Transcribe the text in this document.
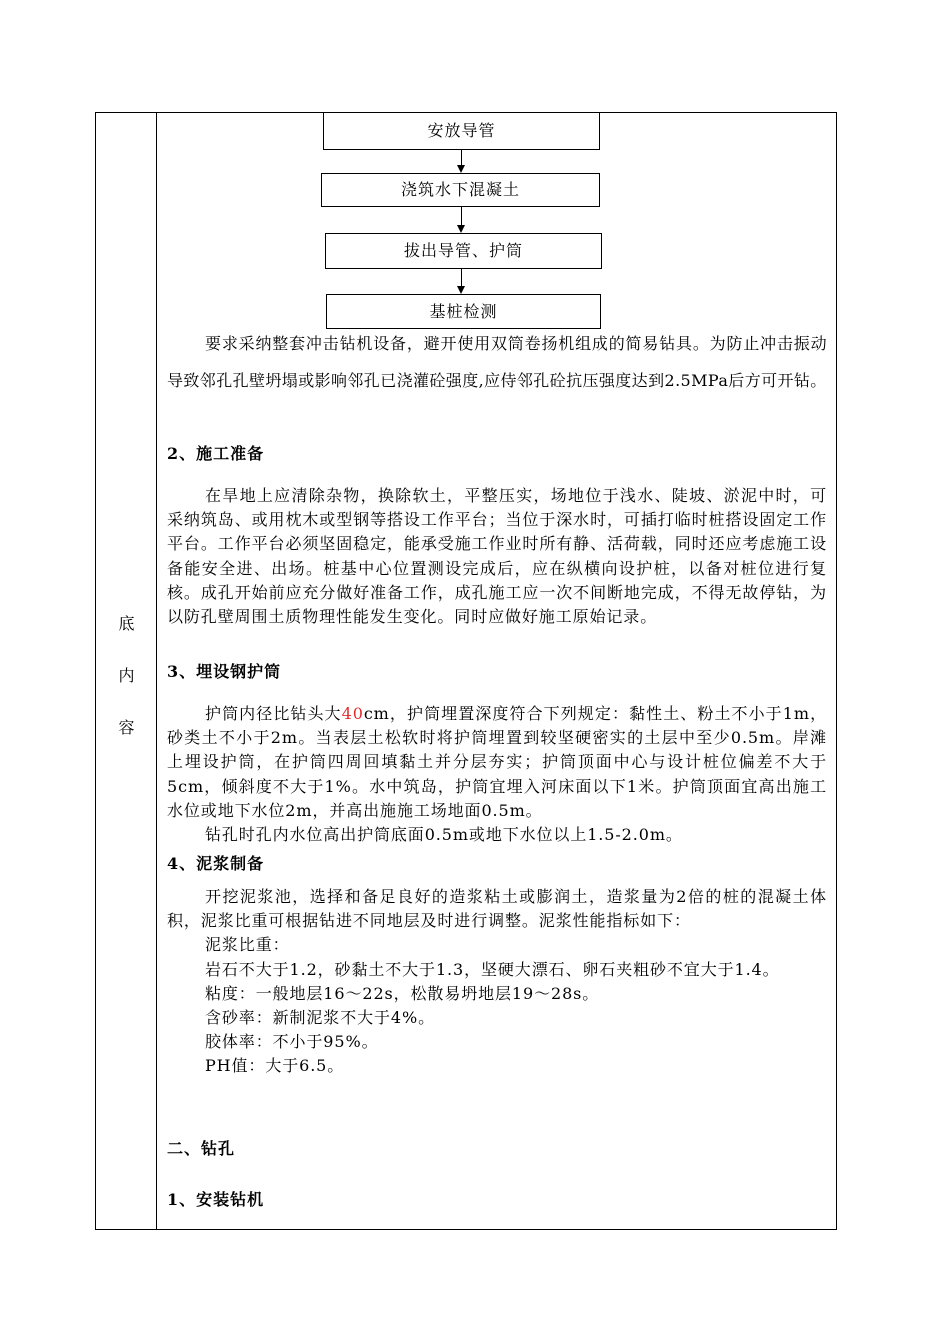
底
内
容
安放导管
浇筑水下混凝土
拔出导管、护筒
基桩检测

要求采纳整套冲击钻机设备，避开使用双筒卷扬机组成的简易钻具。为防止冲击振动导致邻孔孔壁坍塌或影响邻孔已浇灌砼强度,应侍邻孔砼抗压强度达到2.5MPa后方可开钻。

2、施工准备

在旱地上应清除杂物，换除软土，平整压实，场地位于浅水、陡坡、淤泥中时，可采纳筑岛、或用枕木或型钢等搭设工作平台；当位于深水时，可插打临时桩搭设固定工作平台。工作平台必须坚固稳定，能承受施工作业时所有静、活荷载，同时还应考虑施工设备能安全进、出场。桩基中心位置测设完成后，应在纵横向设护桩，以备对桩位进行复核。成孔开始前应充分做好准备工作，成孔施工应一次不间断地完成，不得无故停钻，为以防孔壁周围土质物理性能发生变化。同时应做好施工原始记录。

3、埋设钢护筒

护筒内径比钻头大40cm，护筒埋置深度符合下列规定：黏性土、粉土不小于1m，砂类土不小于2m。当表层土松软时将护筒埋置到较坚硬密实的土层中至少0.5m。岸滩上埋设护筒，在护筒四周回填黏土并分层夯实；护筒顶面中心与设计桩位偏差不大于5cm，倾斜度不大于1%。水中筑岛，护筒宜埋入河床面以下1米。护筒顶面宜高出施工水位或地下水位2m，并高出施施工场地面0.5m。

钻孔时孔内水位高出护筒底面0.5m或地下水位以上1.5-2.0m。

4、泥浆制备

开挖泥浆池，选择和备足良好的造浆粘土或膨润土，造浆量为2倍的桩的混凝土体积，泥浆比重可根据钻进不同地层及时进行调整。泥浆性能指标如下：

泥浆比重：

岩石不大于1.2，砂黏土不大于1.3，坚硬大漂石、卵石夹粗砂不宜大于1.4。

粘度：一般地层16～22s，松散易坍地层19～28s。

含砂率：新制泥浆不大于4%。

胶体率：不小于95%。

PH值：大于6.5。

二、钻孔
1、安装钻机
